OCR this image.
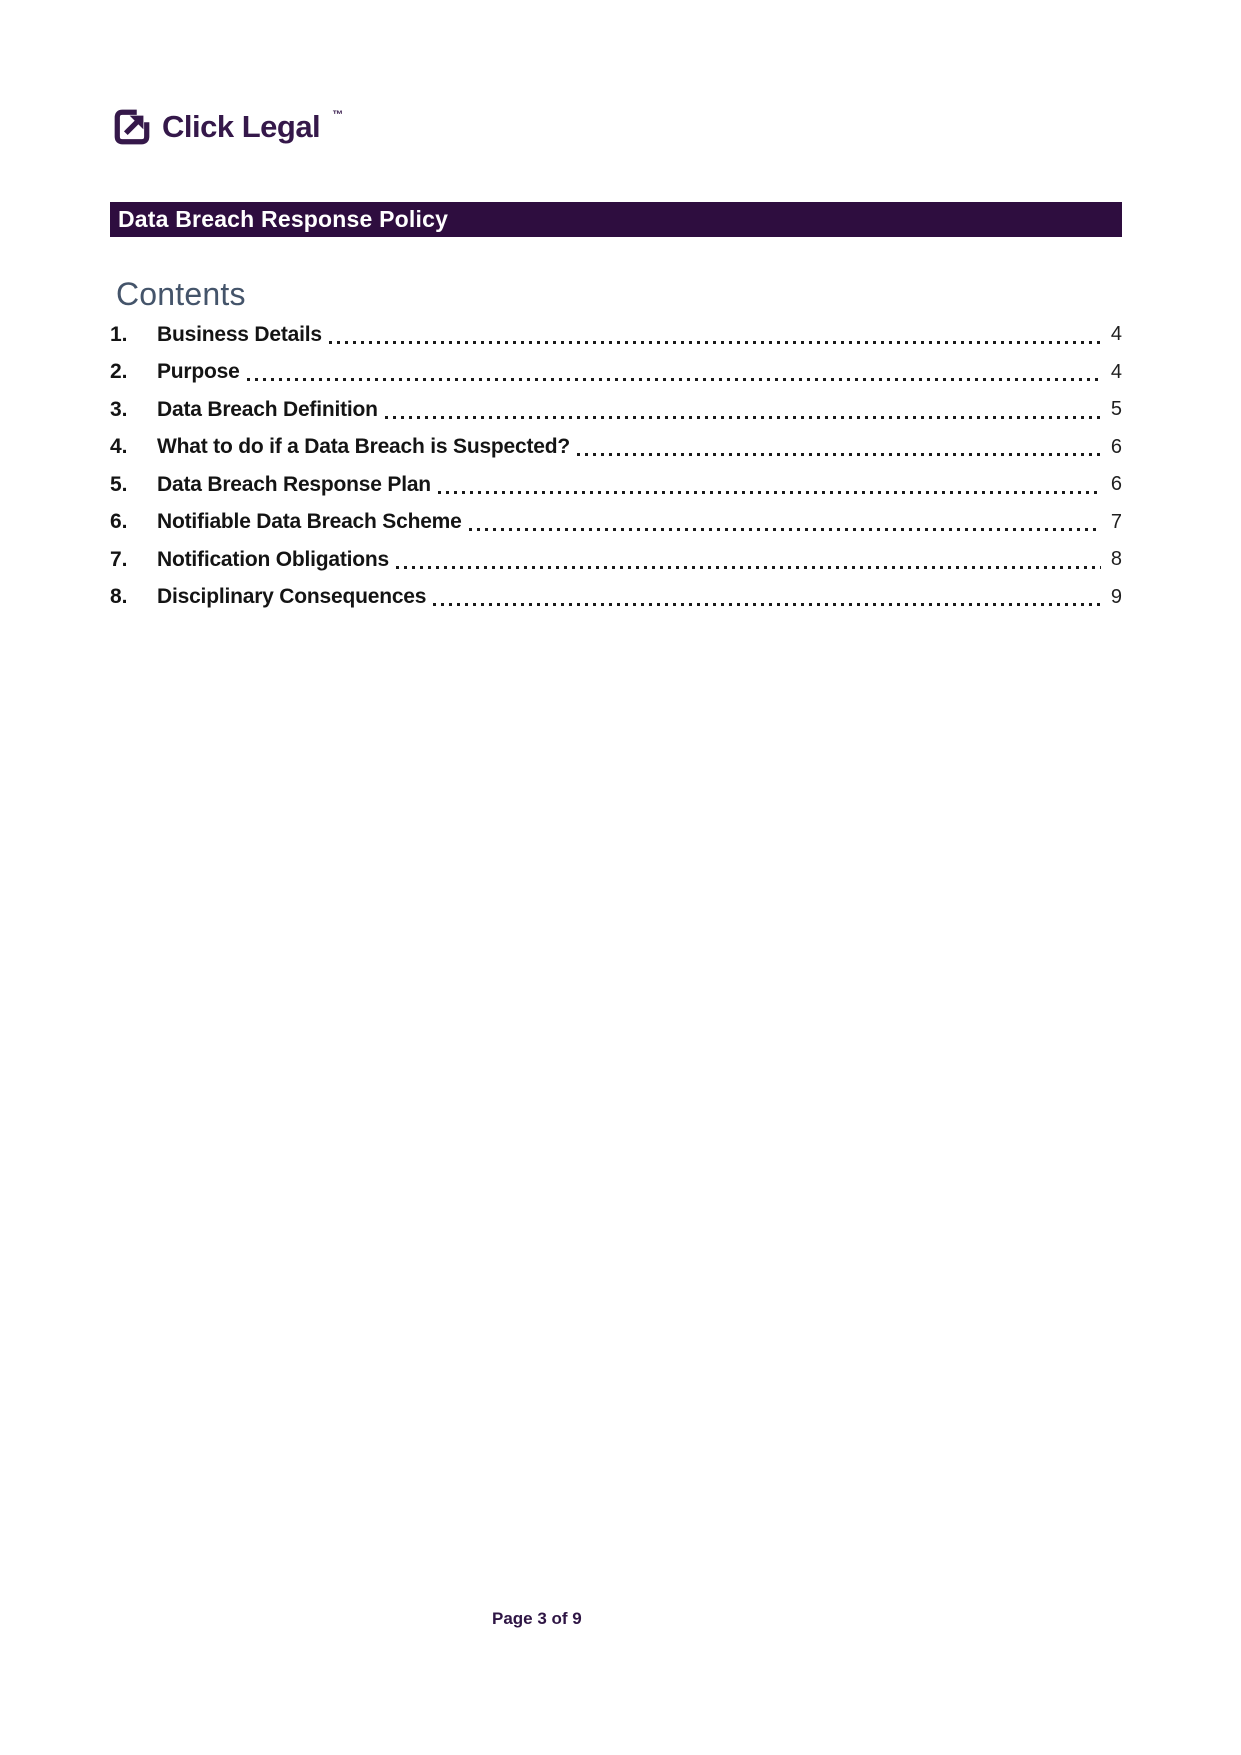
Click Legal ™
Data Breach Response Policy
Contents
1.	Business Details	4
2.	Purpose	4
3.	Data Breach Definition	5
4.	What to do if a Data Breach is Suspected?	6
5.	Data Breach Response Plan	6
6.	Notifiable Data Breach Scheme	7
7.	Notification Obligations	8
8.	Disciplinary Consequences	9
Page 3 of 9
